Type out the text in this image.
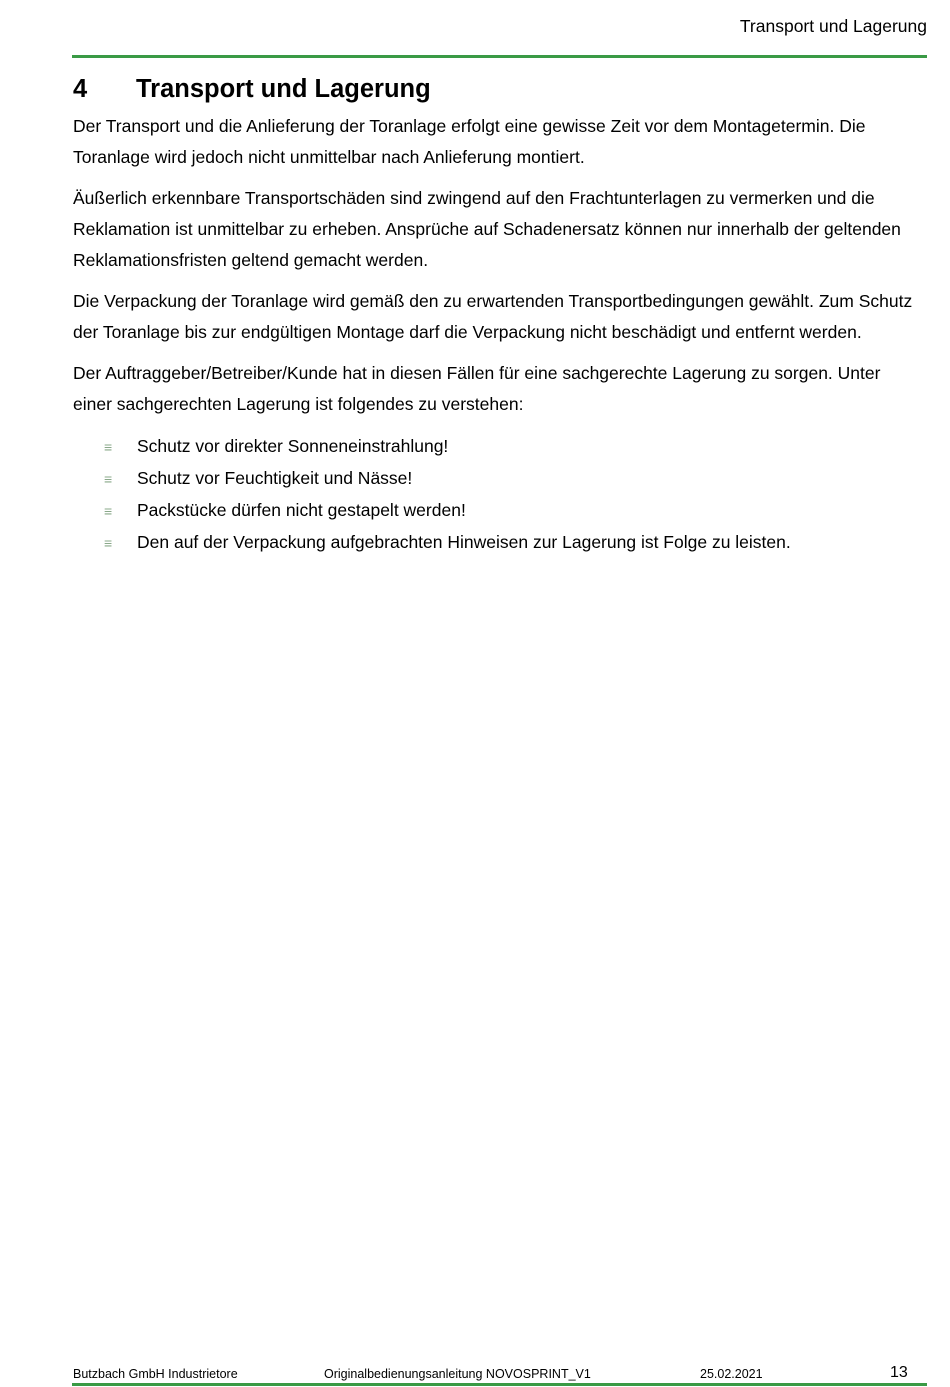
Transport und Lagerung
4 Transport und Lagerung

Der Transport und die Anlieferung der Toranlage erfolgt eine gewisse Zeit vor dem Montagetermin. Die Toranlage wird jedoch nicht unmittelbar nach Anlieferung montiert.

Äußerlich erkennbare Transportschäden sind zwingend auf den Frachtunterlagen zu vermerken und die Reklamation ist unmittelbar zu erheben. Ansprüche auf Schadenersatz können nur innerhalb der geltenden Reklamationsfristen geltend gemacht werden.

Die Verpackung der Toranlage wird gemäß den zu erwartenden Transportbedingungen gewählt. Zum Schutz der Toranlage bis zur endgültigen Montage darf die Verpackung nicht beschädigt und entfernt werden.

Der Auftraggeber/Betreiber/Kunde hat in diesen Fällen für eine sachgerechte Lagerung zu sorgen. Unter einer sachgerechten Lagerung ist folgendes zu verstehen:

≡ Schutz vor direkter Sonneneinstrahlung!
≡ Schutz vor Feuchtigkeit und Nässe!
≡ Packstücke dürfen nicht gestapelt werden!
≡ Den auf der Verpackung aufgebrachten Hinweisen zur Lagerung ist Folge zu leisten.
Butzbach GmbH Industrietore	Originalbedienungsanleitung NOVOSPRINT_V1	25.02.2021	13
